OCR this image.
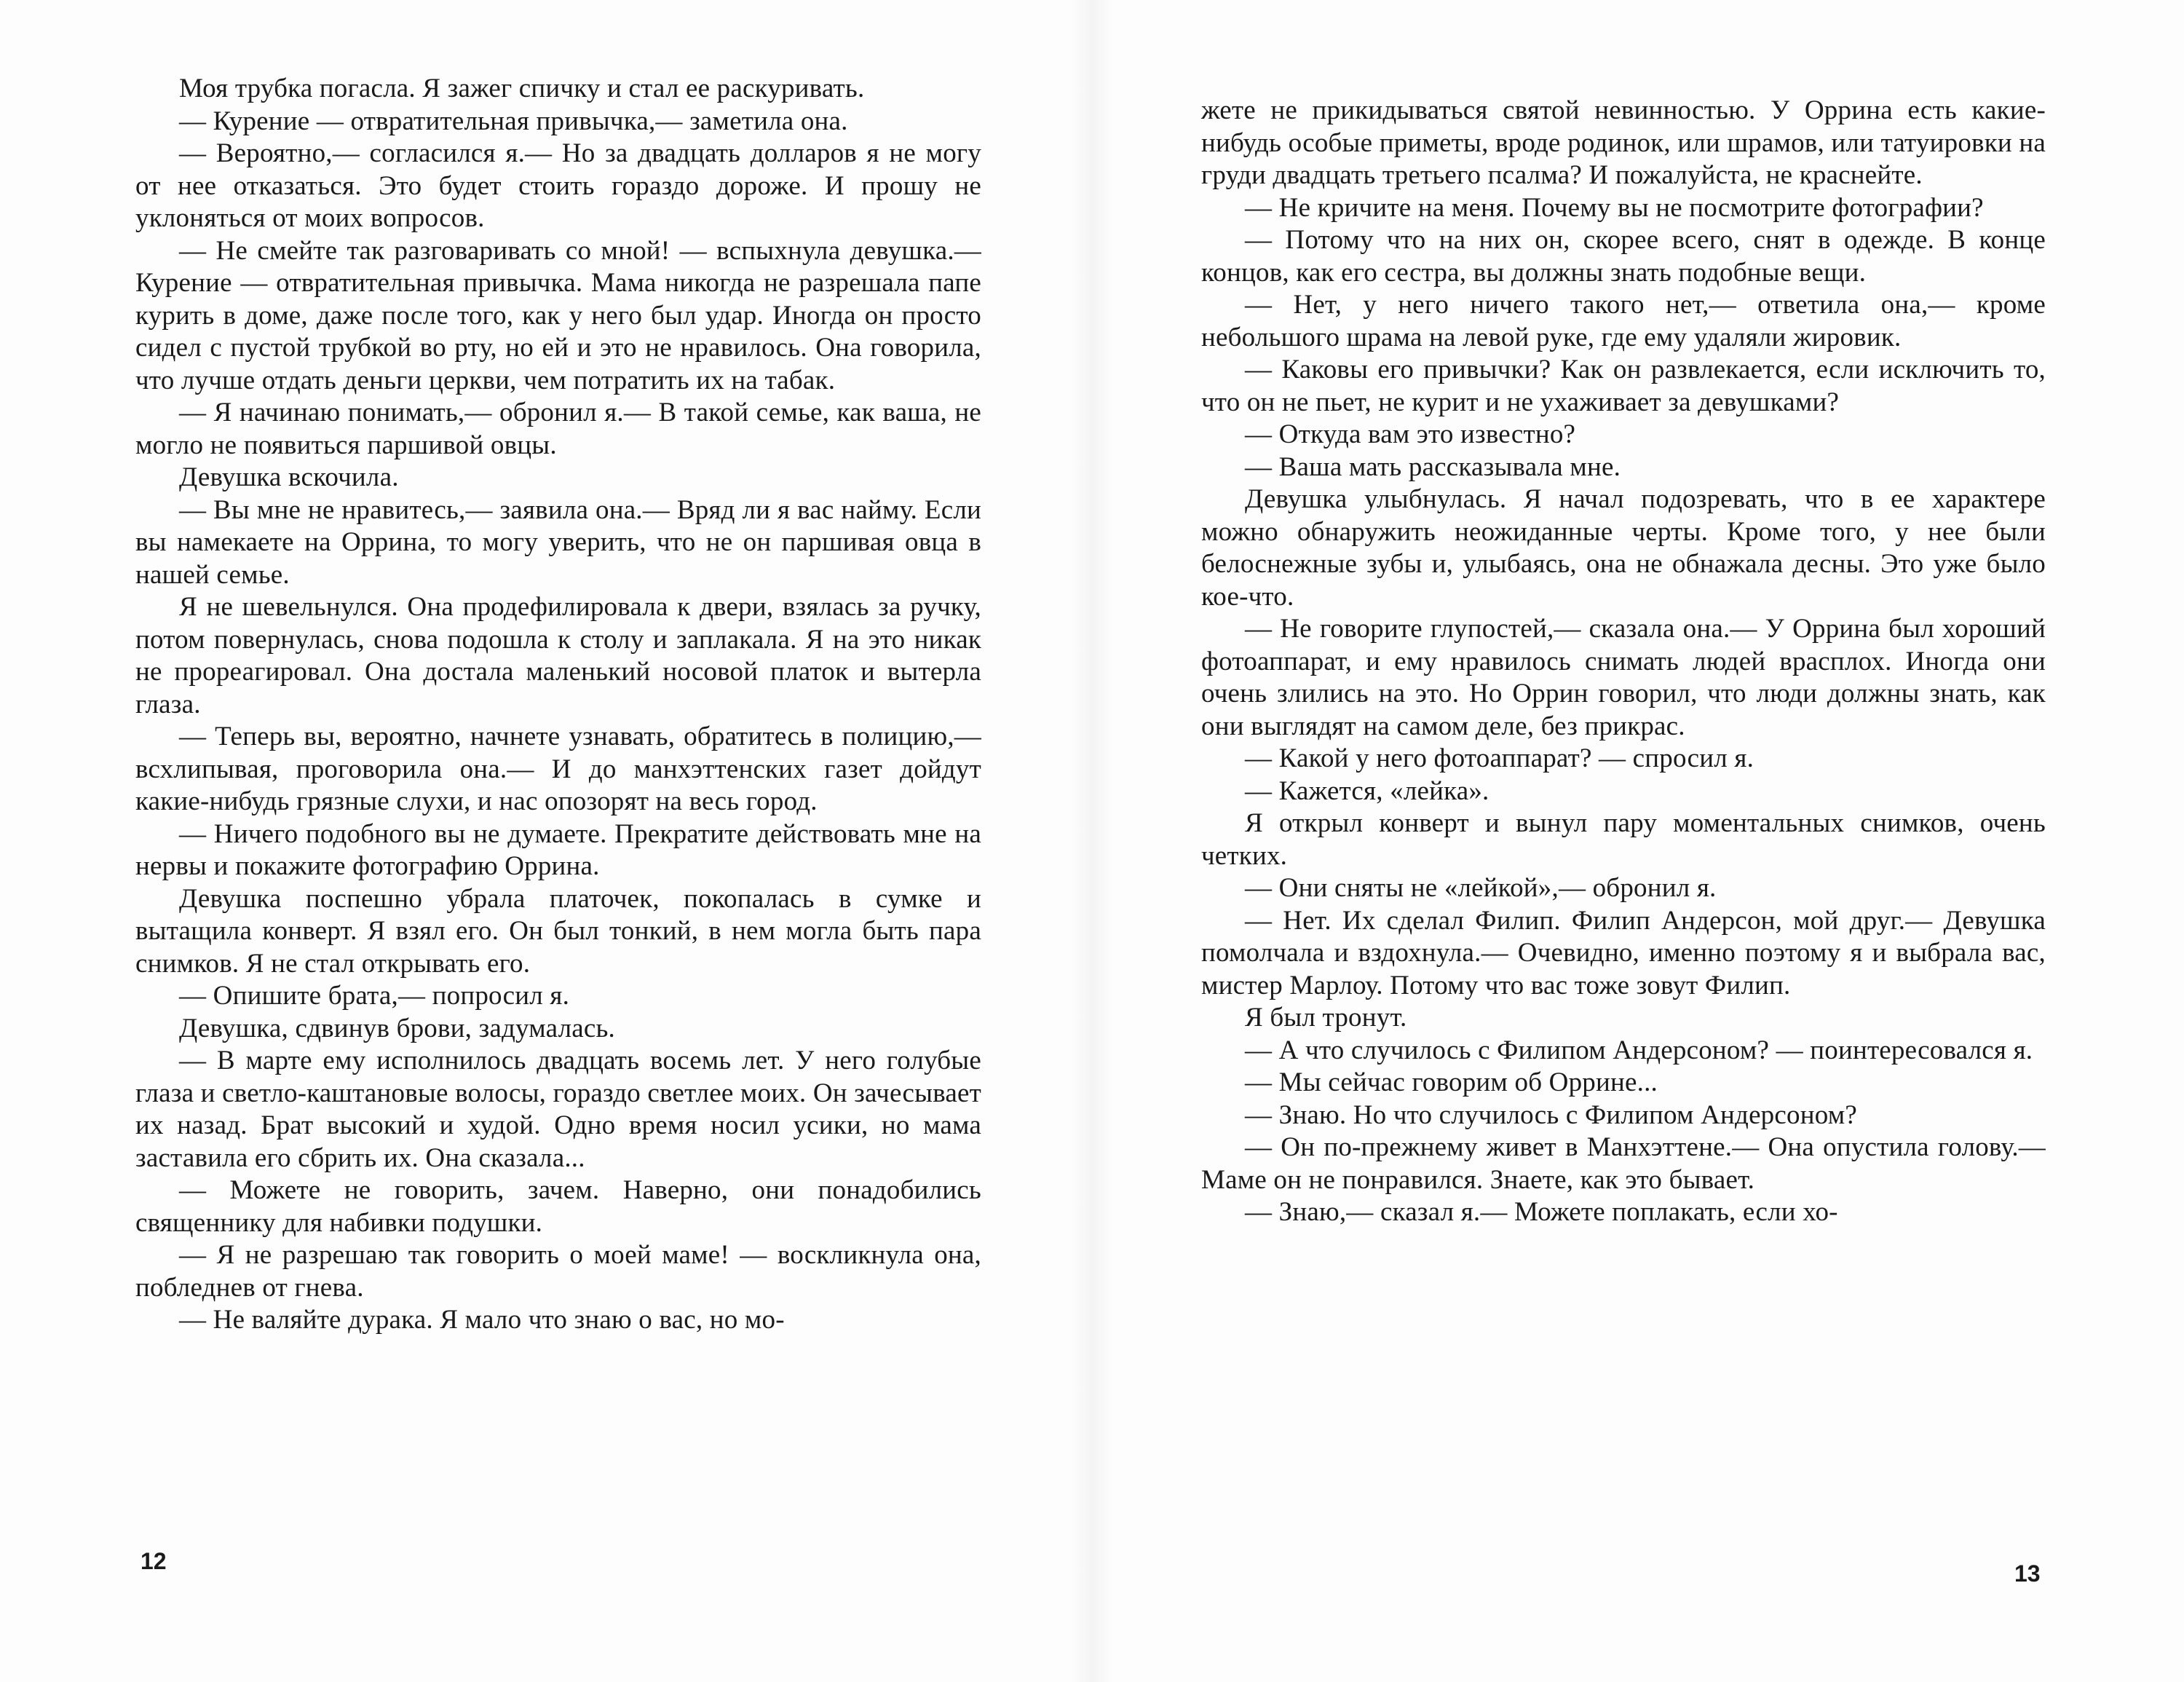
Моя трубка погасла. Я зажег спичку и стал ее раскуривать.

— Курение — отвратительная привычка,— заметила она.

— Вероятно,— согласился я.— Но за двадцать долларов я не могу от нее отказаться. Это будет стоить гораздо дороже. И прошу не уклоняться от моих вопросов.

— Не смейте так разговаривать со мной! — вспыхнула девушка.— Курение — отвратительная привычка. Мама никогда не разрешала папе курить в доме, даже после того, как у него был удар. Иногда он просто сидел с пустой трубкой во рту, но ей и это не нравилось. Она говорила, что лучше отдать деньги церкви, чем потратить их на табак.

— Я начинаю понимать,— обронил я.— В такой семье, как ваша, не могло не появиться паршивой овцы.

Девушка вскочила.

— Вы мне не нравитесь,— заявила она.— Вряд ли я вас найму. Если вы намекаете на Оррина, то могу уверить, что не он паршивая овца в нашей семье.

Я не шевельнулся. Она продефилировала к двери, взялась за ручку, потом повернулась, снова подошла к столу и заплакала. Я на это никак не прореагировал. Она достала маленький носовой платок и вытерла глаза.

— Теперь вы, вероятно, начнете узнавать, обратитесь в полицию,— всхлипывая, проговорила она.— И до манхэттенских газет дойдут какие-нибудь грязные слухи, и нас опозорят на весь город.

— Ничего подобного вы не думаете. Прекратите действовать мне на нервы и покажите фотографию Оррина.

Девушка поспешно убрала платочек, покопалась в сумке и вытащила конверт. Я взял его. Он был тонкий, в нем могла быть пара снимков. Я не стал открывать его.

— Опишите брата,— попросил я.

Девушка, сдвинув брови, задумалась.

— В марте ему исполнилось двадцать восемь лет. У него голубые глаза и светло-каштановые волосы, гораздо светлее моих. Он зачесывает их назад. Брат высокий и худой. Одно время носил усики, но мама заставила его сбрить их. Она сказала...

— Можете не говорить, зачем. Наверно, они понадобились священнику для набивки подушки.

— Я не разрешаю так говорить о моей маме! — воскликнула она, побледнев от гнева.

— Не валяйте дурака. Я мало что знаю о вас, но мо-

12

жете не прикидываться святой невинностью. У Оррина есть какие-нибудь особые приметы, вроде родинок, или шрамов, или татуировки на груди двадцать третьего псалма? И пожалуйста, не краснейте.

— Не кричите на меня. Почему вы не посмотрите фотографии?

— Потому что на них он, скорее всего, снят в одежде. В конце концов, как его сестра, вы должны знать подобные вещи.

— Нет, у него ничего такого нет,— ответила она,— кроме небольшого шрама на левой руке, где ему удаляли жировик.

— Каковы его привычки? Как он развлекается, если исключить то, что он не пьет, не курит и не ухаживает за девушками?

— Откуда вам это известно?

— Ваша мать рассказывала мне.

Девушка улыбнулась. Я начал подозревать, что в ее характере можно обнаружить неожиданные черты. Кроме того, у нее были белоснежные зубы и, улыбаясь, она не обнажала десны. Это уже было кое-что.

— Не говорите глупостей,— сказала она.— У Оррина был хороший фотоаппарат, и ему нравилось снимать людей врасплох. Иногда они очень злились на это. Но Оррин говорил, что люди должны знать, как они выглядят на самом деле, без прикрас.

— Какой у него фотоаппарат? — спросил я.

— Кажется, «лейка».

Я открыл конверт и вынул пару моментальных снимков, очень четких.

— Они сняты не «лейкой»,— обронил я.

— Нет. Их сделал Филип. Филип Андерсон, мой друг.— Девушка помолчала и вздохнула.— Очевидно, именно поэтому я и выбрала вас, мистер Марлоу. Потому что вас тоже зовут Филип.

Я был тронут.

— А что случилось с Филипом Андерсоном? — поинтересовался я.

— Мы сейчас говорим об Оррине...

— Знаю. Но что случилось с Филипом Андерсоном?

— Он по-прежнему живет в Манхэттене.— Она опустила голову.— Маме он не понравился. Знаете, как это бывает.

— Знаю,— сказал я.— Можете поплакать, если хо-

13
